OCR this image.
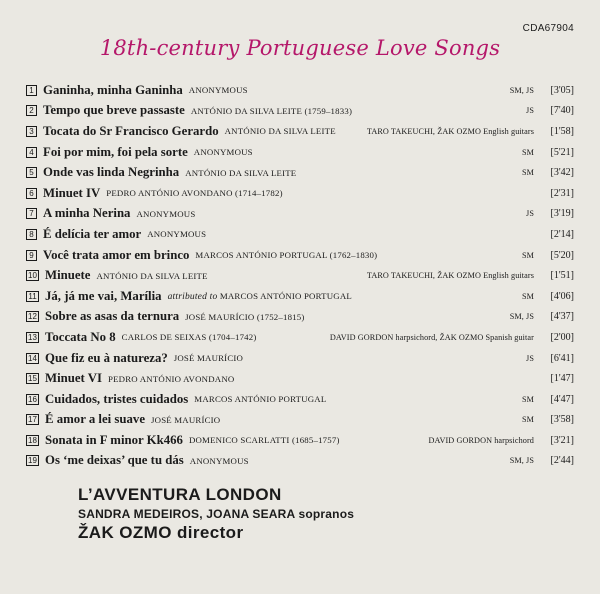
CDA67904
18th-century Portuguese Love Songs
1 Ganinha, minha Ganinha ANONYMOUS	SM, JS	[3'05]
2 Tempo que breve passaste ANTÓNIO DA SILVA LEITE (1759–1833)	JS	[7'40]
3 Tocata do Sr Francisco Gerardo ANTÓNIO DA SILVA LEITE	TARO TAKEUCHI, ŽAK OZMO English guitars	[1'58]
4 Foi por mim, foi pela sorte ANONYMOUS	SM	[5'21]
5 Onde vas linda Negrinha ANTÓNIO DA SILVA LEITE	SM	[3'42]
6 Minuet IV PEDRO ANTÓNIO AVONDANO (1714–1782)	[2'31]
7 A minha Nerina ANONYMOUS	JS	[3'19]
8 É delícia ter amor ANONYMOUS	[2'14]
9 Você trata amor em brinco MARCOS ANTÓNIO PORTUGAL (1762–1830)	SM	[5'20]
10 Minuete ANTÓNIO DA SILVA LEITE	TARO TAKEUCHI, ŽAK OZMO English guitars	[1'51]
11 Já, já me vai, Marília attributed to MARCOS ANTÓNIO PORTUGAL	SM	[4'06]
12 Sobre as asas da ternura JOSÉ MAURÍCIO (1752–1815)	SM, JS	[4'37]
13 Toccata No 8 CARLOS DE SEIXAS (1704–1742)	DAVID GORDON harpsichord, ŽAK OZMO Spanish guitar	[2'00]
14 Que fiz eu à natureza? JOSÉ MAURÍCIO	JS	[6'41]
15 Minuet VI PEDRO ANTÓNIO AVONDANO	[1'47]
16 Cuidados, tristes cuidados MARCOS ANTÓNIO PORTUGAL	SM	[4'47]
17 É amor a lei suave JOSÉ MAURÍCIO	SM	[3'58]
18 Sonata in F minor Kk466 DOMENICO SCARLATTI (1685–1757)	DAVID GORDON harpsichord	[3'21]
19 Os ‘me deixas’ que tu dás ANONYMOUS	SM, JS	[2'44]
L’AVVENTURA LONDON
SANDRA MEDEIROS, JOANA SEARA sopranos
ŽAK OZMO director
